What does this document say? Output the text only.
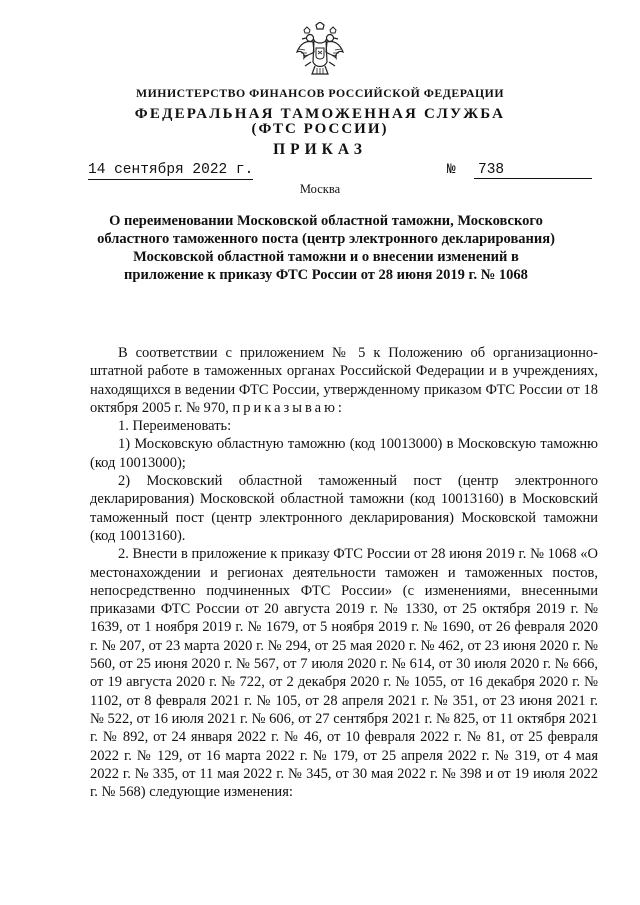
МИНИСТЕРСТВО ФИНАНСОВ РОССИЙСКОЙ ФЕДЕРАЦИИ
ФЕДЕРАЛЬНАЯ ТАМОЖЕННАЯ СЛУЖБА
(ФТС РОССИИ)
ПРИКАЗ
14 сентября 2022 г.	№ 738
Москва
О переименовании Московской областной таможни, Московского областного таможенного поста (центр электронного декларирования) Московской областной таможни и о внесении изменений в приложение к приказу ФТС России от 28 июня 2019 г. № 1068

В соответствии с приложением № 5 к Положению об организационно-штатной работе в таможенных органах Российской Федерации и в учреждениях, находящихся в ведении ФТС России, утвержденному приказом ФТС России от 18 октября 2005 г. № 970, приказываю:

1. Переименовать:

1) Московскую областную таможню (код 10013000) в Московскую таможню (код 10013000);

2) Московский областной таможенный пост (центр электронного декларирования) Московской областной таможни (код 10013160) в Московский таможенный пост (центр электронного декларирования) Московской таможни (код 10013160).

2. Внести в приложение к приказу ФТС России от 28 июня 2019 г. № 1068 «О местонахождении и регионах деятельности таможен и таможенных постов, непосредственно подчиненных ФТС России» (с изменениями, внесенными приказами ФТС России от 20 августа 2019 г. № 1330, от 25 октября 2019 г. № 1639, от 1 ноября 2019 г. № 1679, от 5 ноября 2019 г. № 1690, от 26 февраля 2020 г. № 207, от 23 марта 2020 г. № 294, от 25 мая 2020 г. № 462, от 23 июня 2020 г. № 560, от 25 июня 2020 г. № 567, от 7 июля 2020 г. № 614, от 30 июля 2020 г. № 666, от 19 августа 2020 г. № 722, от 2 декабря 2020 г. № 1055, от 16 декабря 2020 г. № 1102, от 8 февраля 2021 г. № 105, от 28 апреля 2021 г. № 351, от 23 июня 2021 г. № 522, от 16 июля 2021 г. № 606, от 27 сентября 2021 г. № 825, от 11 октября 2021 г. № 892, от 24 января 2022 г. № 46, от 10 февраля 2022 г. № 81, от 25 февраля 2022 г. № 129, от 16 марта 2022 г. № 179, от 25 апреля 2022 г. № 319, от 4 мая 2022 г. № 335, от 11 мая 2022 г. № 345, от 30 мая 2022 г. № 398 и от 19 июля 2022 г. № 568) следующие изменения:
